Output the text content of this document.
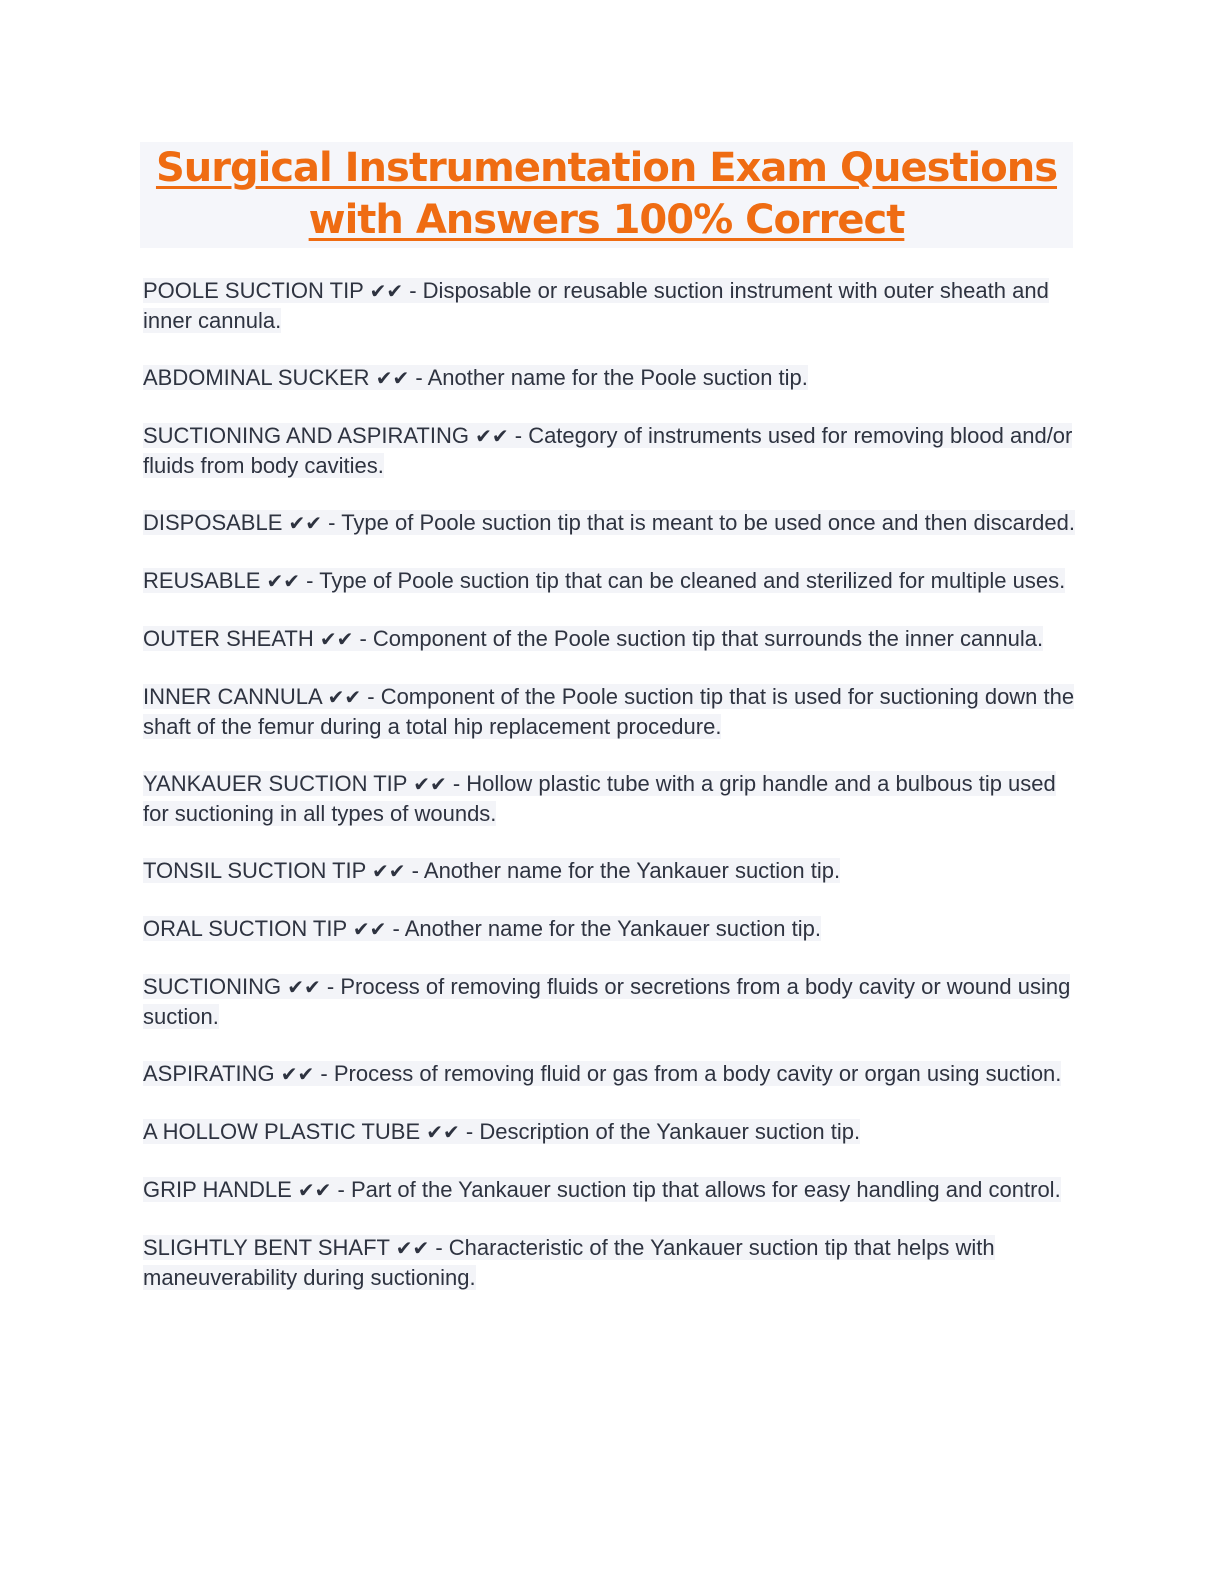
Surgical Instrumentation Exam Questions
with Answers 100% Correct

POOLE SUCTION TIP ✔✔ - Disposable or reusable suction instrument with outer sheath and inner cannula.

ABDOMINAL SUCKER ✔✔ - Another name for the Poole suction tip.

SUCTIONING AND ASPIRATING ✔✔ - Category of instruments used for removing blood and/or fluids from body cavities.

DISPOSABLE ✔✔ - Type of Poole suction tip that is meant to be used once and then discarded.

REUSABLE ✔✔ - Type of Poole suction tip that can be cleaned and sterilized for multiple uses.

OUTER SHEATH ✔✔ - Component of the Poole suction tip that surrounds the inner cannula.

INNER CANNULA ✔✔ - Component of the Poole suction tip that is used for suctioning down the shaft of the femur during a total hip replacement procedure.

YANKAUER SUCTION TIP ✔✔ - Hollow plastic tube with a grip handle and a bulbous tip used for suctioning in all types of wounds.

TONSIL SUCTION TIP ✔✔ - Another name for the Yankauer suction tip.

ORAL SUCTION TIP ✔✔ - Another name for the Yankauer suction tip.

SUCTIONING ✔✔ - Process of removing fluids or secretions from a body cavity or wound using suction.

ASPIRATING ✔✔ - Process of removing fluid or gas from a body cavity or organ using suction.

A HOLLOW PLASTIC TUBE ✔✔ - Description of the Yankauer suction tip.

GRIP HANDLE ✔✔ - Part of the Yankauer suction tip that allows for easy handling and control.

SLIGHTLY BENT SHAFT ✔✔ - Characteristic of the Yankauer suction tip that helps with maneuverability during suctioning.
